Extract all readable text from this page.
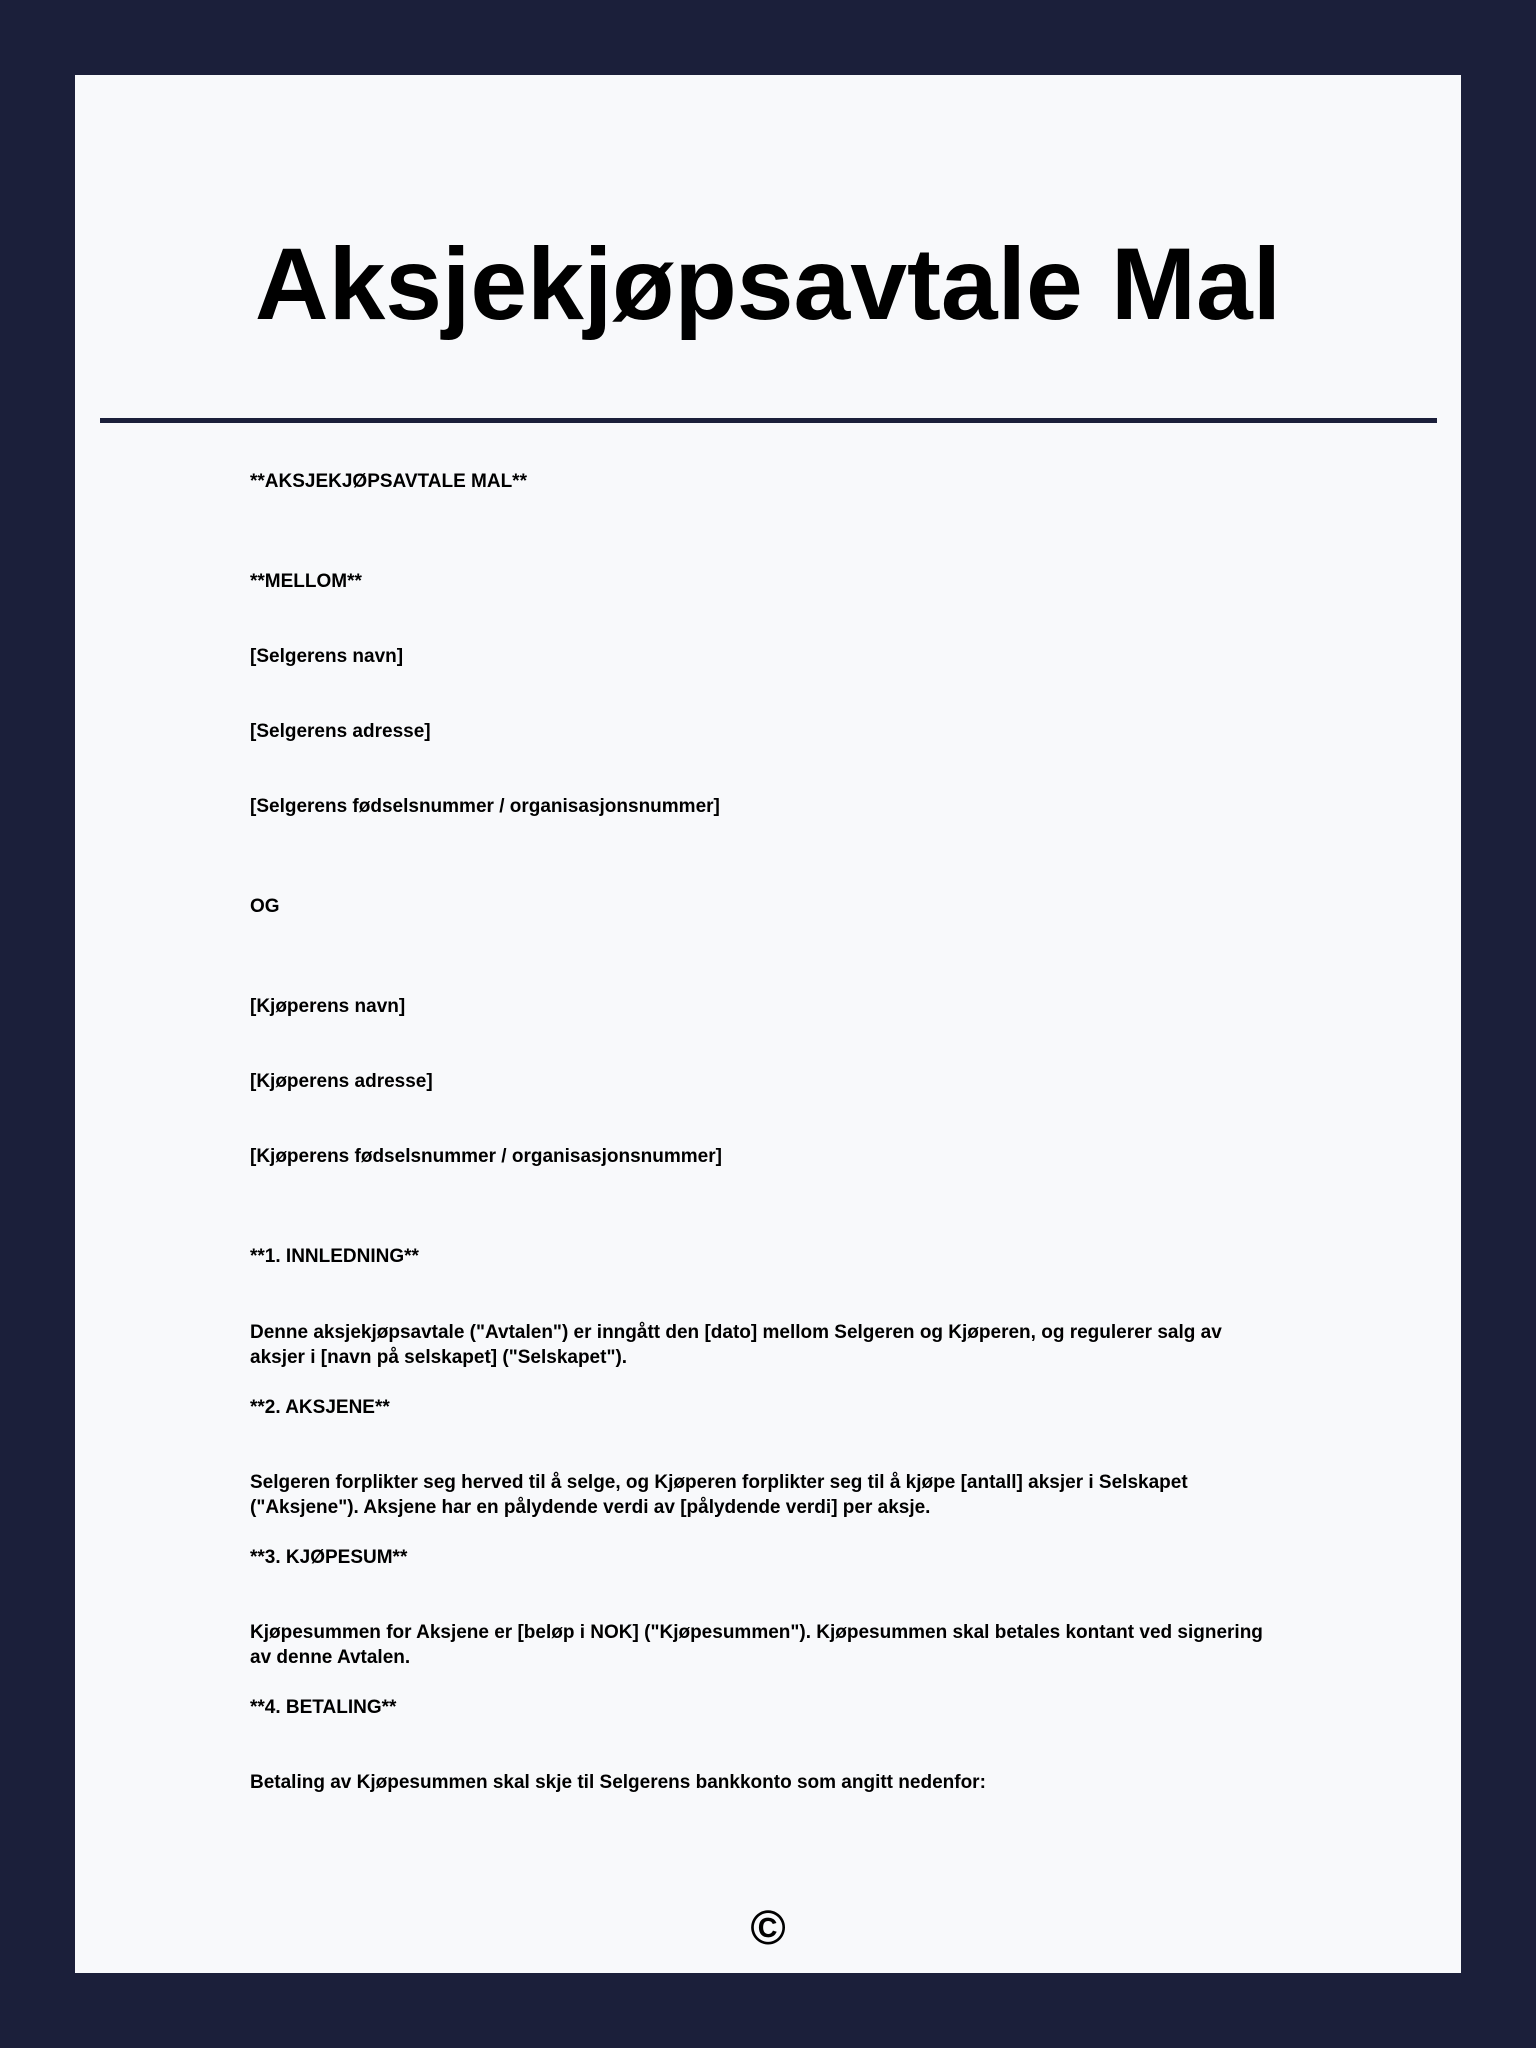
Aksjekjøpsavtale Mal

**AKSJEKJØPSAVTALE MAL**

**MELLOM**

[Selgerens navn]

[Selgerens adresse]

[Selgerens fødselsnummer / organisasjonsnummer]

OG

[Kjøperens navn]

[Kjøperens adresse]

[Kjøperens fødselsnummer / organisasjonsnummer]

**1. INNLEDNING**

Denne aksjekjøpsavtale ("Avtalen") er inngått den [dato] mellom Selgeren og Kjøperen, og regulerer salg av aksjer i [navn på selskapet] ("Selskapet").

**2. AKSJENE**

Selgeren forplikter seg herved til å selge, og Kjøperen forplikter seg til å kjøpe [antall] aksjer i Selskapet ("Aksjene"). Aksjene har en pålydende verdi av [pålydende verdi] per aksje.

**3. KJØPESUM**

Kjøpesummen for Aksjene er [beløp i NOK] ("Kjøpesummen"). Kjøpesummen skal betales kontant ved signering av denne Avtalen.

**4. BETALING**

Betaling av Kjøpesummen skal skje til Selgerens bankkonto som angitt nedenfor:

©
